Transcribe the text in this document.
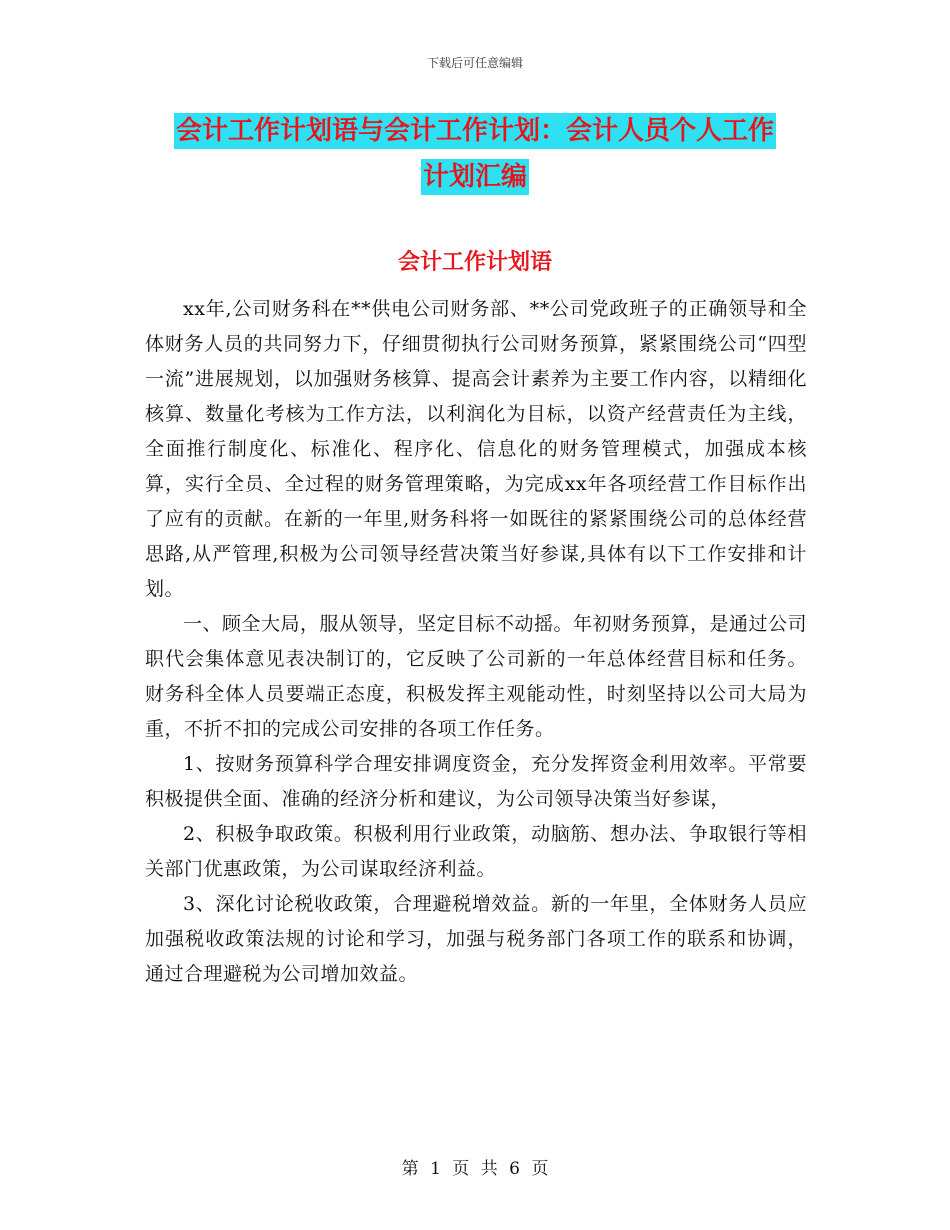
下载后可任意编辑
会计工作计划语与会计工作计划：会计人员个人工作
计划汇编
会计工作计划语

xx年,公司财务科在**供电公司财务部、**公司党政班子的正确领导和全体财务人员的共同努力下，仔细贯彻执行公司财务预算，紧紧围绕公司“四型一流”进展规划，以加强财务核算、提高会计素养为主要工作内容，以精细化核算、数量化考核为工作方法，以利润化为目标，以资产经营责任为主线，全面推行制度化、标准化、程序化、信息化的财务管理模式，加强成本核算，实行全员、全过程的财务管理策略，为完成xx年各项经营工作目标作出了应有的贡献。在新的一年里,财务科将一如既往的紧紧围绕公司的总体经营思路,从严管理,积极为公司领导经营决策当好参谋,具体有以下工作安排和计划。

一、顾全大局，服从领导，坚定目标不动摇。年初财务预算，是通过公司职代会集体意见表决制订的，它反映了公司新的一年总体经营目标和任务。财务科全体人员要端正态度，积极发挥主观能动性，时刻坚持以公司大局为重，不折不扣的完成公司安排的各项工作任务。

1、按财务预算科学合理安排调度资金，充分发挥资金利用效率。平常要积极提供全面、准确的经济分析和建议，为公司领导决策当好参谋，

2、积极争取政策。积极利用行业政策，动脑筋、想办法、争取银行等相关部门优惠政策，为公司谋取经济利益。

3、深化讨论税收政策，合理避税增效益。新的一年里，全体财务人员应加强税收政策法规的讨论和学习，加强与税务部门各项工作的联系和协调，通过合理避税为公司增加效益。

第 1 页 共 6 页
